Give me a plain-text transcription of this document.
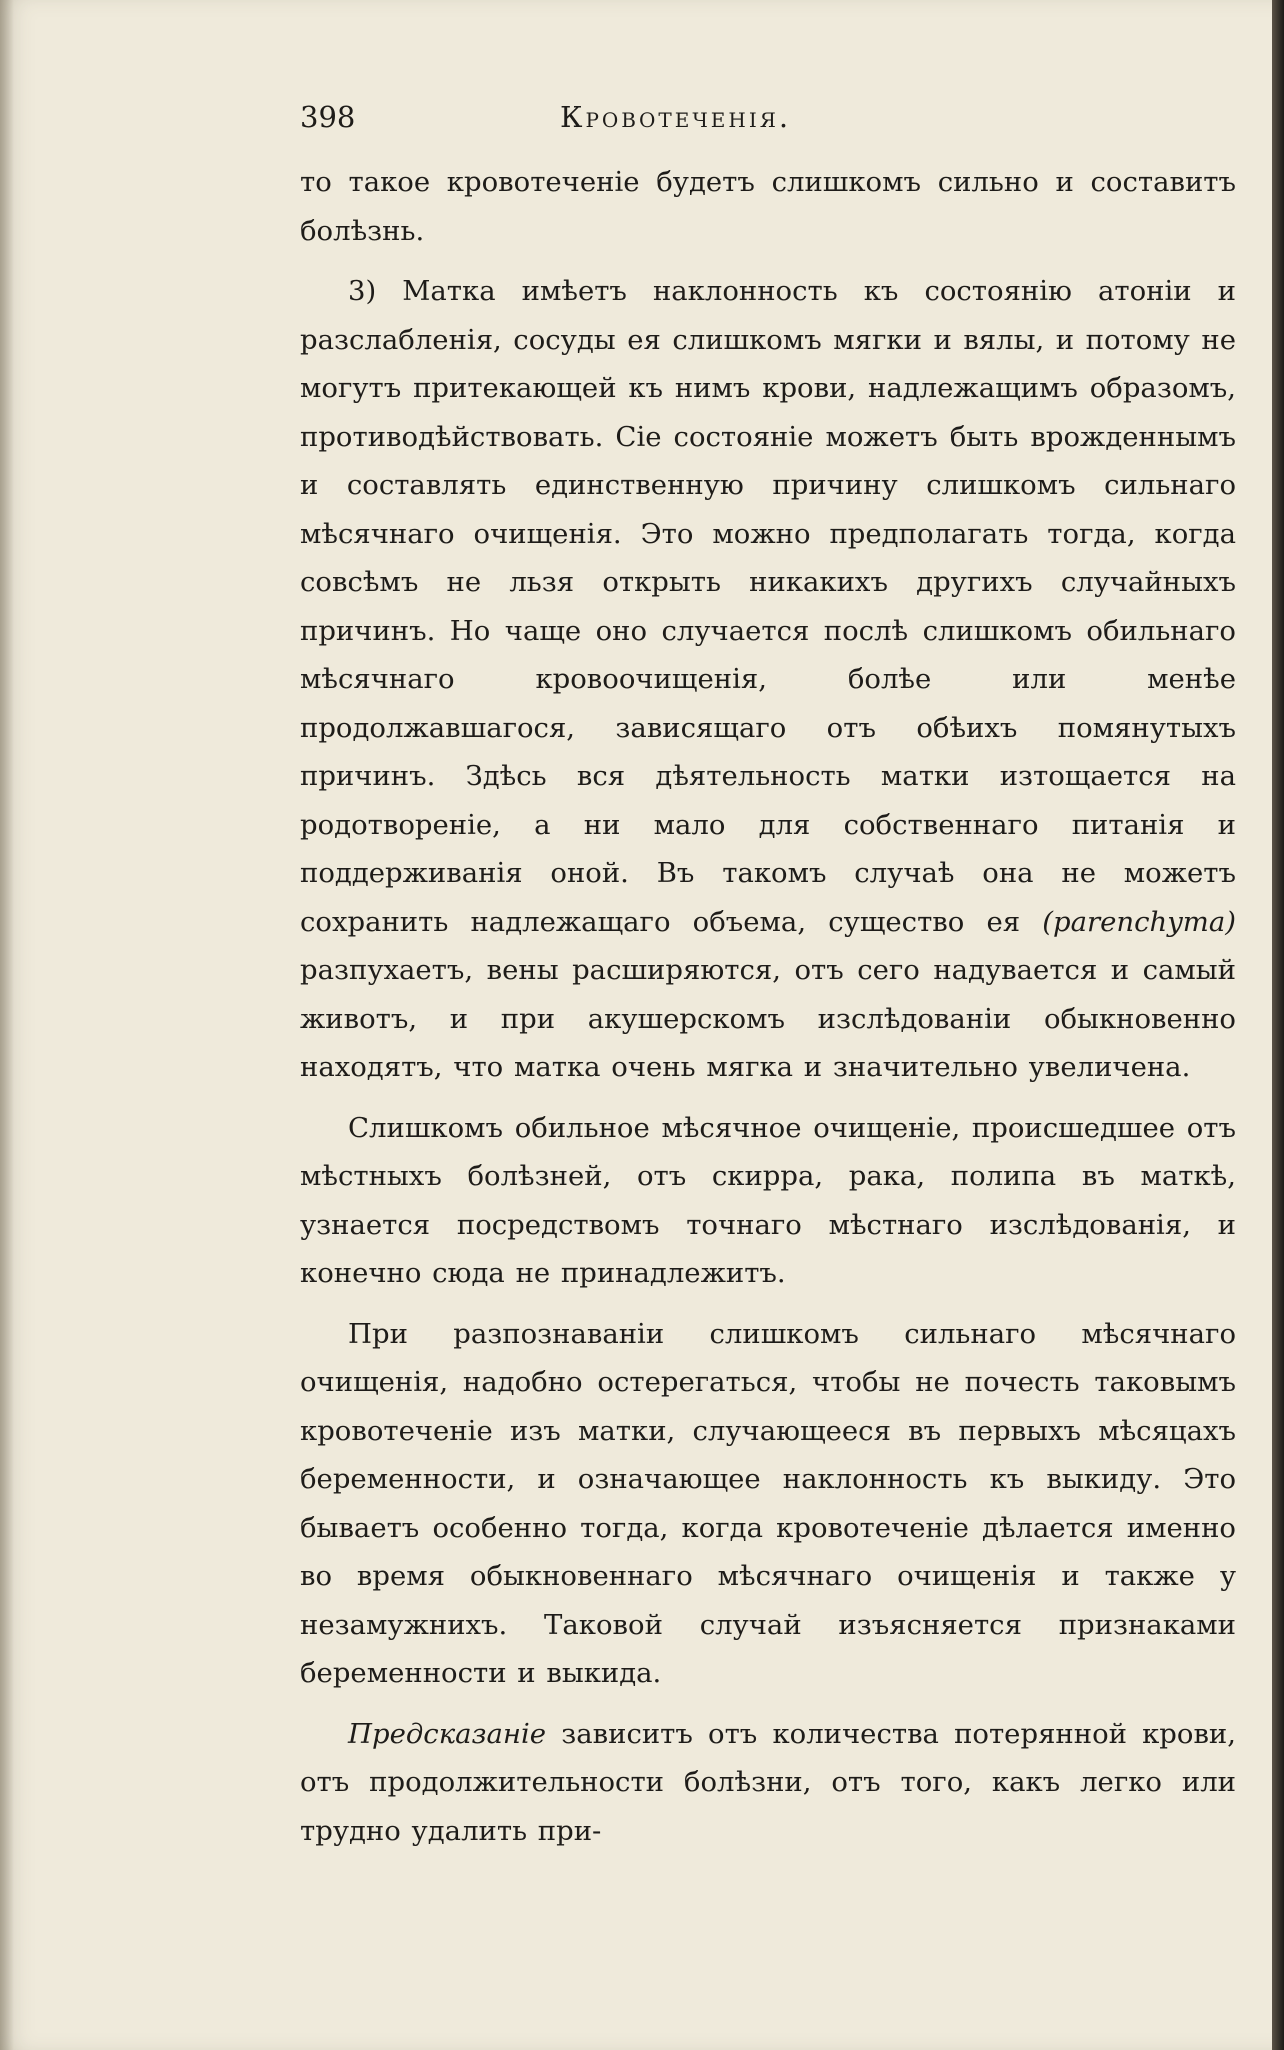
398	Кровотеченія.

то такое кровотеченіе будетъ слишкомъ сильно и составитъ болѣзнь.

3) Матка имѣетъ наклонность къ состоянію атоніи и разслабленія, сосуды ея слишкомъ мягки и вялы, и потому не могутъ притекающей къ нимъ крови, надлежащимъ образомъ, противодѣйствовать. Сіе состояніе можетъ быть врожденнымъ и составлять единственную причину слишкомъ сильнаго мѣсячнаго очищенія. Это можно предполагать тогда, когда совсѣмъ не льзя открыть никакихъ другихъ случайныхъ причинъ. Но чаще оно случается послѣ слишкомъ обильнаго мѣсячнаго кровоочищенія, болѣе или менѣе продолжавшагося, зависящаго отъ обѣихъ помянутыхъ причинъ. Здѣсь вся дѣятельность матки изтощается на родотвореніе, а ни мало для собственнаго питанія и поддерживанія оной. Въ такомъ случаѣ она не можетъ сохранить надлежащаго объема, существо ея (parenchyma) разпухаетъ, вены расширяются, отъ сего надувается и самый животъ, и при акушерскомъ изслѣдованіи обыкновенно находятъ, что матка очень мягка и значительно увеличена.

Слишкомъ обильное мѣсячное очищеніе, происшедшее отъ мѣстныхъ болѣзней, отъ скирра, рака, полипа въ маткѣ, узнается посредствомъ точнаго мѣстнаго изслѣдованія, и конечно сюда не принадлежитъ.

При разпознаваніи слишкомъ сильнаго мѣсячнаго очищенія, надобно остерегаться, чтобы не почесть таковымъ кровотеченіе изъ матки, случающееся въ первыхъ мѣсяцахъ беременности, и означающее наклонность къ выкиду. Это бываетъ особенно тогда, когда кровотеченіе дѣлается именно во время обыкновеннаго мѣсячнаго очищенія и также у незамужнихъ. Таковой случай изъясняется признаками беременности и выкида.

Предсказаніе зависитъ отъ количества потерянной крови, отъ продолжительности болѣзни, отъ того, какъ легко или трудно удалить при-
